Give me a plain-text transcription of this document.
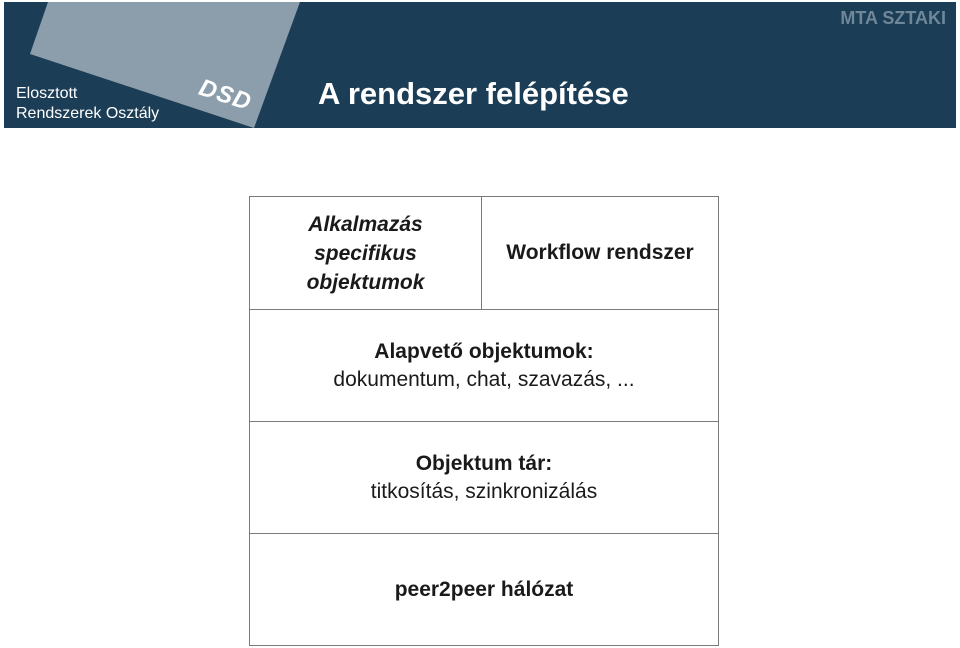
DSD
Elosztott
Rendszerek Osztály
A rendszer felépítése
MTA SZTAKI
Alkalmazás
specifikus
objektumok
Workflow rendszer
Alapvető objektumok:
dokumentum, chat, szavazás, ...
Objektum tár:
titkosítás, szinkronizálás
peer2peer hálózat
